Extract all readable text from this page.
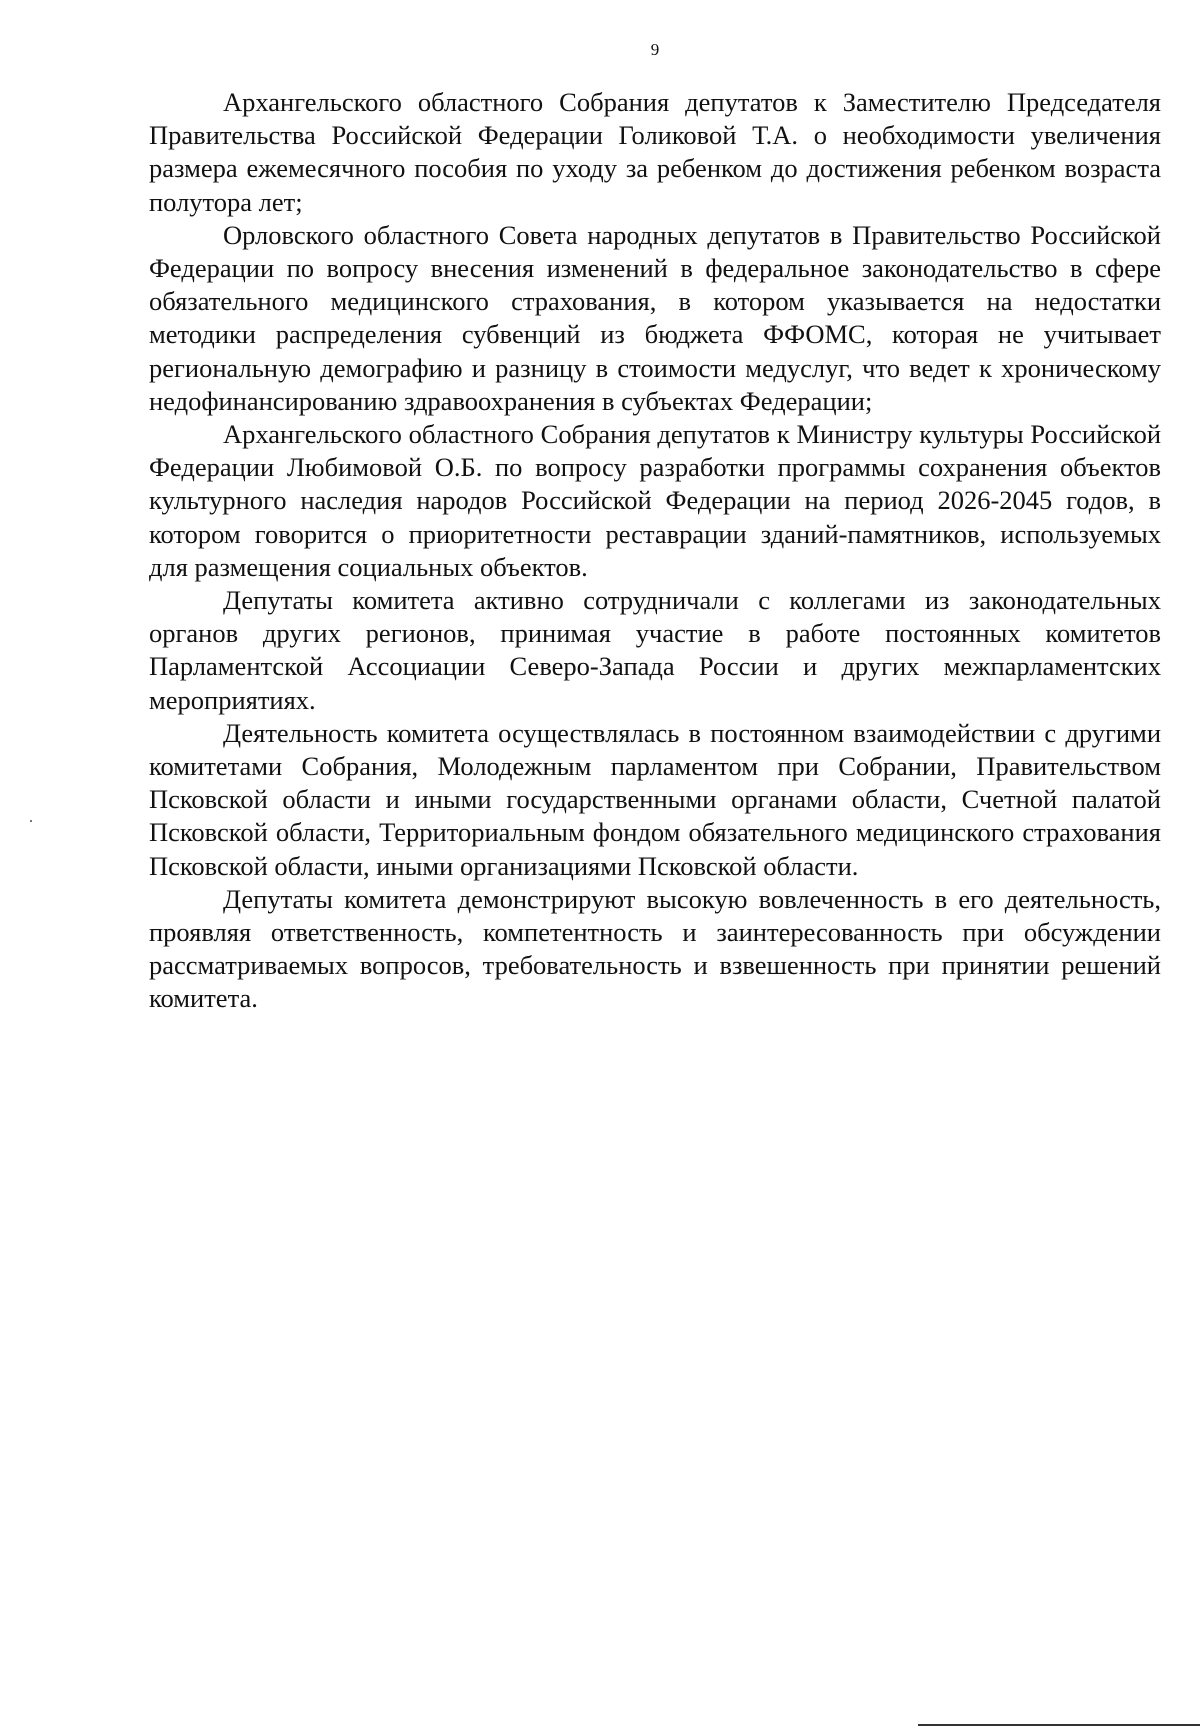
9

Архангельского областного Собрания депутатов к Заместителю Председателя Правительства Российской Федерации Голиковой Т.А. о необходимости увеличения размера ежемесячного пособия по уходу за ребенком до достижения ребенком возраста полутора лет;

Орловского областного Совета народных депутатов в Правительство Российской Федерации по вопросу внесения изменений в федеральное законодательство в сфере обязательного медицинского страхования, в котором указывается на недостатки методики распределения субвенций из бюджета ФФОМС, которая не учитывает региональную демографию и разницу в стоимости медуслуг, что ведет к хроническому недофинансированию здравоохранения в субъектах Федерации;

Архангельского областного Собрания депутатов к Министру культуры Российской Федерации Любимовой О.Б. по вопросу разработки программы сохранения объектов культурного наследия народов Российской Федерации на период 2026-2045 годов, в котором говорится о приоритетности реставрации зданий-памятников, используемых для размещения социальных объектов.

Депутаты комитета активно сотрудничали с коллегами из законодательных органов других регионов, принимая участие в работе постоянных комитетов Парламентской Ассоциации Северо-Запада России и других межпарламентских мероприятиях.

Деятельность комитета осуществлялась в постоянном взаимодействии с другими комитетами Собрания, Молодежным парламентом при Собрании, Правительством Псковской области и иными государственными органами области, Счетной палатой Псковской области, Территориальным фондом обязательного медицинского страхования Псковской области, иными организациями Псковской области.

Депутаты комитета демонстрируют высокую вовлеченность в его деятельность, проявляя ответственность, компетентность и заинтересованность при обсуждении рассматриваемых вопросов, требовательность и взвешенность при принятии решений комитета.
